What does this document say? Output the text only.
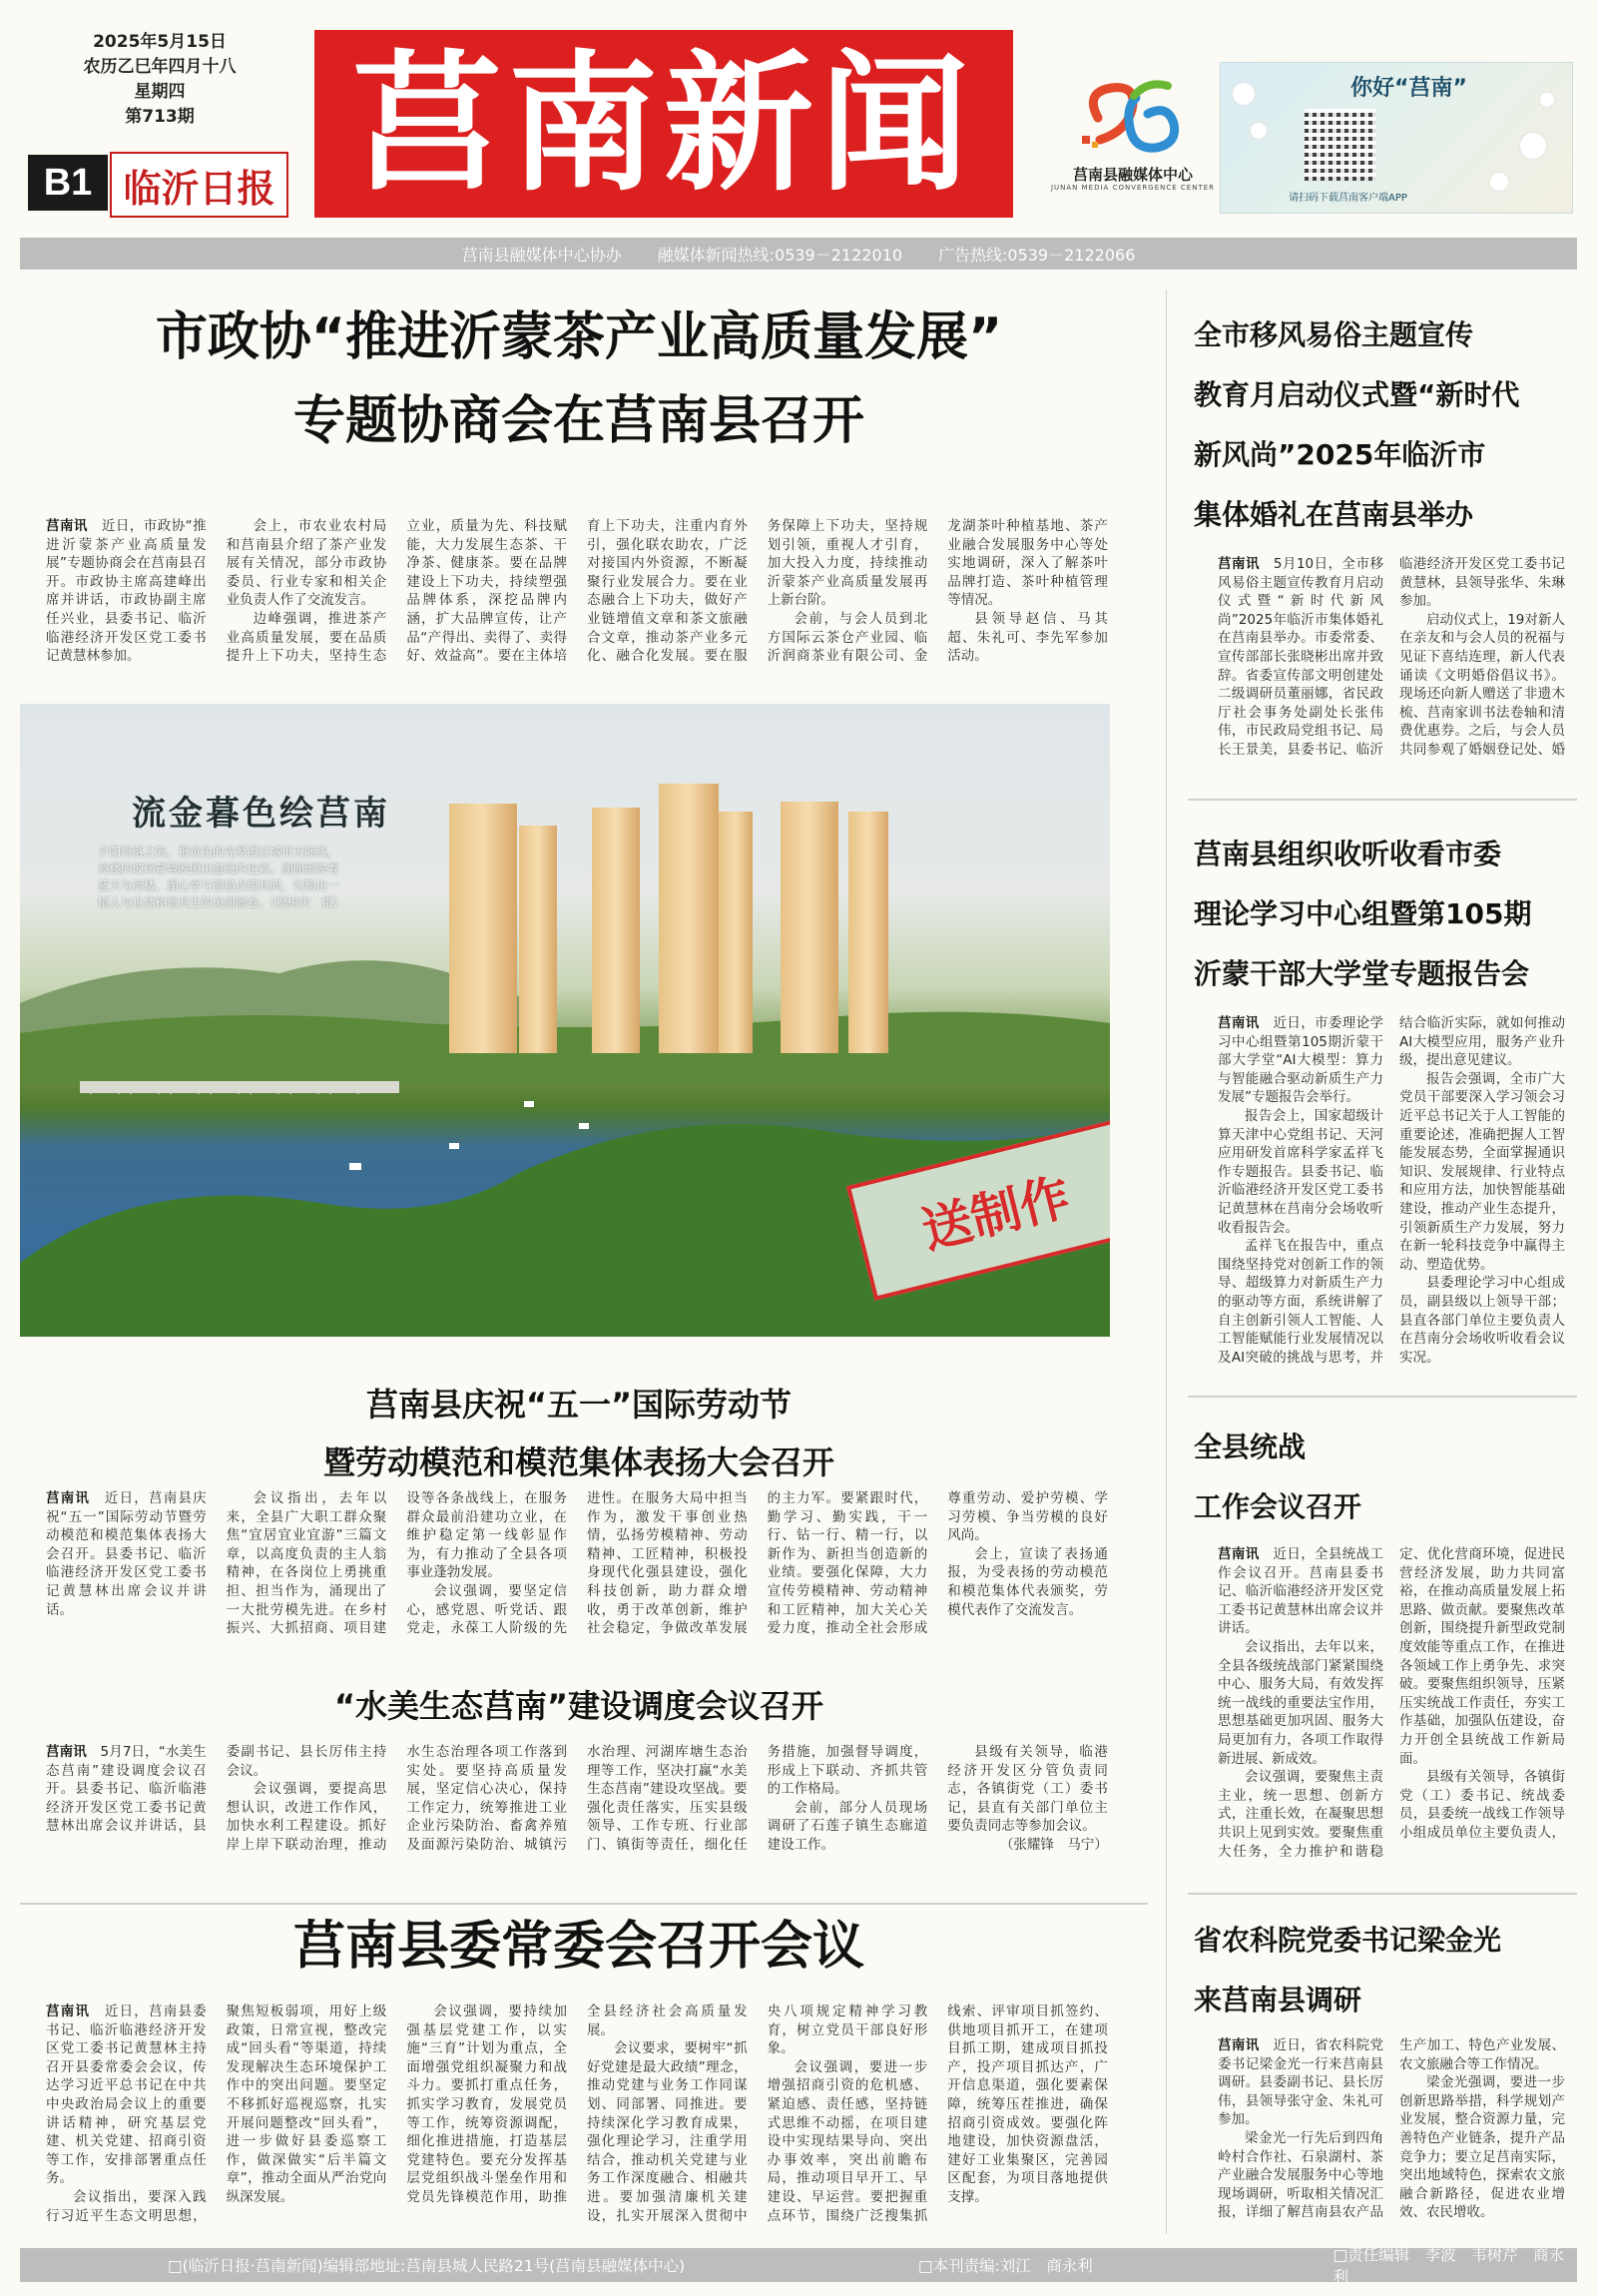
2025年5月15日
农历乙巳年四月十八
星期四
第713期
B1 临沂日报 莒南新闻	莒南县融媒体中心
JUNAN MEDIA CONVERGENCE CENTER
你好“莒南”
请扫码下载莒南客户端APP
莒南县融媒体中心协办 融媒体新闻热线:0539－2122010 广告热线:0539－2122066
市政协“推进沂蒙茶产业高质量发展”
专题协商会在莒南县召开

莒南讯　 近日，市政协“推进沂蒙茶产业高质量发展”专题协商会在莒南县召开。市政协主席高建峰出席并讲话，市政协副主席任兴业，县委书记、临沂临港经济开发区党工委书记黄慧林参加。

会上，市农业农村局和莒南县介绍了茶产业发展有关情况，部分市政协委员、行业专家和相关企业负责人作了交流发言。

边峰强调，推进茶产业高质量发展，要在品质提升上下功夫，坚持生态立业，质量为先、科技赋能，大力发展生态茶、干净茶、健康茶。要在品牌建设上下功夫，持续塑强品牌体系，深挖品牌内涵，扩大品牌宣传，让产品“产得出、卖得了、卖得好、效益高”。要在主体培育上下功夫，注重内育外引，强化联农助农，广泛对接国内外资源，不断凝聚行业发展合力。要在业态融合上下功夫，做好产业链增值文章和茶文旅融合文章，推动茶产业多元化、融合化发展。要在服务保障上下功夫，坚持规划引领，重视人才引育，加大投入力度，持续推动沂蒙茶产业高质量发展再上新台阶。

会前，与会人员到北方国际云茶仓产业园、临沂润商茶业有限公司、金龙湖茶叶种植基地、茶产业融合发展服务中心等处实地调研，深入了解茶叶品牌打造、茶叶种植管理等情况。

县领导赵信、马其超、朱礼可、李先军参加活动。

流金暮色绘莒南
夕阳将落之际，橙黄色的光晕漫过城市天际线，高楼的玻璃幕墙映照出温暖的色彩。湖面倒映着蓝天与高楼，湖心亭与游船点缀其间，勾勒出一幅人与自然和谐共生的美丽画卷。（程树庆　摄）
送制作
莒南县庆祝“五一”国际劳动节
暨劳动模范和模范集体表扬大会召开

莒南讯　 近日，莒南县庆祝“五一”国际劳动节暨劳动模范和模范集体表扬大会召开。县委书记、临沂临港经济开发区党工委书记黄慧林出席会议并讲话。

会议指出，去年以来，全县广大职工群众聚焦“宜居宜业宜游”三篇文章，以高度负责的主人翁精神，在各岗位上勇挑重担、担当作为，涌现出了一大批劳模先进。在乡村振兴、大抓招商、项目建设等各条战线上，在服务群众最前沿建功立业，在维护稳定第一线彰显作为，有力推动了全县各项事业蓬勃发展。

会议强调，要坚定信心，感党恩、听党话、跟党走，永葆工人阶级的先进性。在服务大局中担当作为，激发干事创业热情，弘扬劳模精神、劳动精神、工匠精神，积极投身现代化强县建设，强化科技创新，助力群众增收，勇于改革创新，维护社会稳定，争做改革发展的主力军。要紧跟时代，勤学习、勤实践，干一行、钻一行、精一行，以新作为、新担当创造新的业绩。要强化保障，大力宣传劳模精神、劳动精神和工匠精神，加大关心关爱力度，推动全社会形成尊重劳动、爱护劳模、学习劳模、争当劳模的良好风尚。

会上，宣读了表扬通报，为受表扬的劳动模范和模范集体代表颁奖，劳模代表作了交流发言。

“水美生态莒南”建设调度会议召开

莒南讯　 5月7日，“水美生态莒南”建设调度会议召开。县委书记、临沂临港经济开发区党工委书记黄慧林出席会议并讲话，县委副书记、县长厉伟主持会议。

会议强调，要提高思想认识，改进工作作风，加快水利工程建设。抓好岸上岸下联动治理，推动水生态治理各项工作落到实处。要坚持高质量发展，坚定信心决心，保持工作定力，统筹推进工业企业污染防治、畜禽养殖及面源污染防治、城镇污水治理、河湖库塘生态治理等工作，坚决打赢“水美生态莒南”建设攻坚战。要强化责任落实，压实县级领导、工作专班、行业部门、镇街等责任，细化任务措施，加强督导调度，形成上下联动、齐抓共管的工作格局。

会前，部分人员现场调研了石莲子镇生态廊道建设工作。

县级有关领导，临港经济开发区分管负责同志，各镇街党（工）委书记，县直有关部门单位主要负责同志等参加会议。

（张耀锋　马宁）
莒南县委常委会召开会议

莒南讯　 近日，莒南县委书记、临沂临港经济开发区党工委书记黄慧林主持召开县委常委会会议，传达学习近平总书记在中共中央政治局会议上的重要讲话精神，研究基层党建、机关党建、招商引资等工作，安排部署重点任务。

会议指出，要深入践行习近平生态文明思想，聚焦短板弱项，用好上级政策，日常宣视，整改完成“回头看”等渠道，持续发现解决生态环境保护工作中的突出问题。要坚定不移抓好巡视巡察，扎实开展问题整改“回头看”，进一步做好县委巡察工作，做深做实“后半篇文章”，推动全面从严治党向纵深发展。

会议强调，要持续加强基层党建工作，以实施“三育”计划为重点，全面增强党组织凝聚力和战斗力。要抓打重点任务，抓实学习教育，发展党员等工作，统筹资源调配，细化推进措施，打造基层党建特色。要充分发挥基层党组织战斗堡垒作用和党员先锋模范作用，助推全县经济社会高质量发展。

会议要求，要树牢“抓好党建是最大政绩”理念，推动党建与业务工作同谋划、同部署、同推进。要持续深化学习教育成果，强化理论学习，注重学用结合，推动机关党建与业务工作深度融合、相融共进。要加强清廉机关建设，扎实开展深入贯彻中央八项规定精神学习教育，树立党员干部良好形象。

会议强调，要进一步增强招商引资的危机感、紧迫感、责任感，坚持链式思维不动摇，在项目建设中实现结果导向、突出办事效率，突出前瞻布局，推动项目早开工、早建设、早运营。要把握重点环节，围绕广泛搜集抓线索、评审项目抓签约、供地项目抓开工，在建项目抓工期，建成项目抓投产，投产项目抓达产，广开信息渠道，强化要素保障，统筹压茬推进，确保招商引资成效。要强化阵地建设，加快资源盘活，建好工业集聚区，完善园区配套，为项目落地提供支撑。

全市移风易俗主题宣传
教育月启动仪式暨“新时代
新风尚”2025年临沂市
集体婚礼在莒南县举办

莒南讯　 5月10日，全市移风易俗主题宣传教育月启动仪式暨“新时代新风尚”2025年临沂市集体婚礼在莒南县举办。市委常委、宣传部部长张晓彬出席并致辞。省委宣传部文明创建处二级调研员董丽娜，省民政厅社会事务处副处长张伟伟，市民政局党组书记、局长王景美，县委书记、临沂临港经济开发区党工委书记黄慧林，县领导张华、朱琳参加。

启动仪式上，19对新人在亲友和与会人员的祝福与见证下喜结连理，新人代表诵读《文明婚俗倡议书》。现场还向新人赠送了非遗木梳、莒南家训书法卷轴和清费优惠券。之后，与会人员共同参观了婚姻登记处、婚

莒南县组织收听收看市委
理论学习中心组暨第105期
沂蒙干部大学堂专题报告会

莒南讯　 近日，市委理论学习中心组暨第105期沂蒙干部大学堂“AI大模型：算力与智能融合驱动新质生产力发展”专题报告会举行。

报告会上，国家超级计算天津中心党组书记、天河应用研发首席科学家孟祥飞作专题报告。县委书记、临沂临港经济开发区党工委书记黄慧林在莒南分会场收听收看报告会。

孟祥飞在报告中，重点围绕坚持党对创新工作的领导、超级算力对新质生产力的驱动等方面，系统讲解了自主创新引领人工智能、人工智能赋能行业发展情况以及AI突破的挑战与思考，并结合临沂实际，就如何推动AI大模型应用，服务产业升级，提出意见建议。

报告会强调，全市广大党员干部要深入学习领会习近平总书记关于人工智能的重要论述，准确把握人工智能发展态势，全面掌握通识知识、发展规律、行业特点和应用方法，加快智能基础建设，推动产业生态提升，引领新质生产力发展，努力在新一轮科技竞争中赢得主动、塑造优势。

县委理论学习中心组成员，副县级以上领导干部；县直各部门单位主要负责人在莒南分会场收听收看会议实况。

全县统战
工作会议召开

莒南讯　 近日，全县统战工作会议召开。莒南县委书记、临沂临港经济开发区党工委书记黄慧林出席会议并讲话。

会议指出，去年以来，全县各级统战部门紧紧围绕中心、服务大局，有效发挥统一战线的重要法宝作用，思想基础更加巩固、服务大局更加有力，各项工作取得新进展、新成效。

会议强调，要聚焦主责主业，统一思想、创新方式，注重长效，在凝聚思想共识上见到实效。要聚焦重大任务，全力推护和谐稳定、优化营商环境，促进民营经济发展，助力共同富裕，在推动高质量发展上拓思路、做贡献。要聚焦改革创新，围绕提升新型政党制度效能等重点工作，在推进各领域工作上勇争先、求突破。要聚焦组织领导，压紧压实统战工作责任，夯实工作基础，加强队伍建设，奋力开创全县统战工作新局面。

县级有关领导，各镇街党（工）委书记、统战委员，县委统一战线工作领导小组成员单位主要负责人，

省农科院党委书记梁金光
来莒南县调研

莒南讯　 近日，省农科院党委书记梁金光一行来莒南县调研。县委副书记、县长厉伟，县领导张守金、朱礼可参加。

梁金光一行先后到四角岭村合作社、石泉湖村、茶产业融合发展服务中心等地现场调研，听取相关情况汇报，详细了解莒南县农产品生产加工、特色产业发展、农文旅融合等工作情况。

梁金光强调，要进一步创新思路举措，科学规划产业发展，整合资源力量，完善特色产业链条，提升产品竞争力；要立足莒南实际，突出地域特色，探索农文旅融合新路径，促进农业增效、农民增收。

□(临沂日报·莒南新闻)编辑部地址:莒南县城人民路21号(莒南县融媒体中心)	□本刊责编:刘江　商永利
□责任编辑　李波　韦树芹　商永利
